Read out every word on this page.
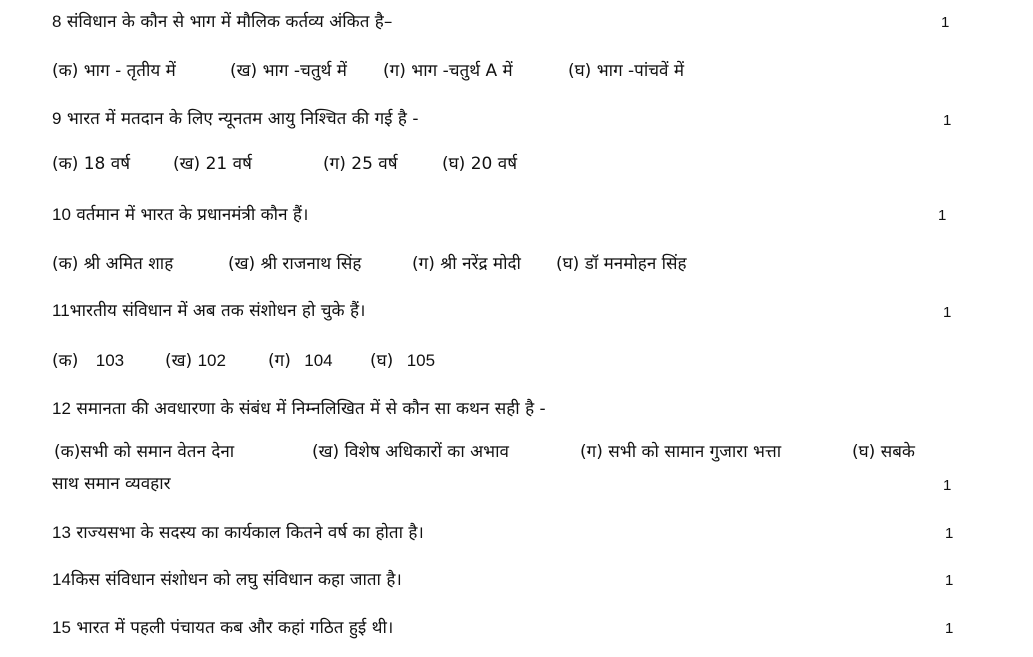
8 संविधान के कौन से भाग में मौलिक कर्तव्य अंकित है–	1
(क) भाग - तृतीय में	(ख) भाग -चतुर्थ में (ग) भाग -चतुर्थ A में	(घ) भाग -पांचवें में
9 भारत में मतदान के लिए न्यूनतम आयु निश्चित की गई है -	1
(क) 18 वर्ष	(ख) 21 वर्ष	(ग) 25 वर्ष	(घ) 20 वर्ष
10 वर्तमान में भारत के प्रधानमंत्री कौन हैं।	1
(क) श्री अमित शाह	(ख) श्री राजनाथ सिंह	(ग) श्री नरेंद्र मोदी (घ) डॉ मनमोहन सिंह
11भारतीय संविधान में अब तक संशोधन हो चुके हैं।	1
(क) 103 (ख) 102 (ग) 104 (घ) 105
12 समानता की अवधारणा के संबंध में निम्नलिखित में से कौन सा कथन सही है -
(क)सभी को समान वेतन देना	(ख) विशेष अधिकारों का अभाव	(ग) सभी को सामान गुजारा भत्ता	(घ) सबके
साथ समान व्यवहार	1
13 राज्यसभा के सदस्य का कार्यकाल कितने वर्ष का होता है।	1
14किस संविधान संशोधन को लघु संविधान कहा जाता है।	1
15 भारत में पहली पंचायत कब और कहां गठित हुई थी।	1
